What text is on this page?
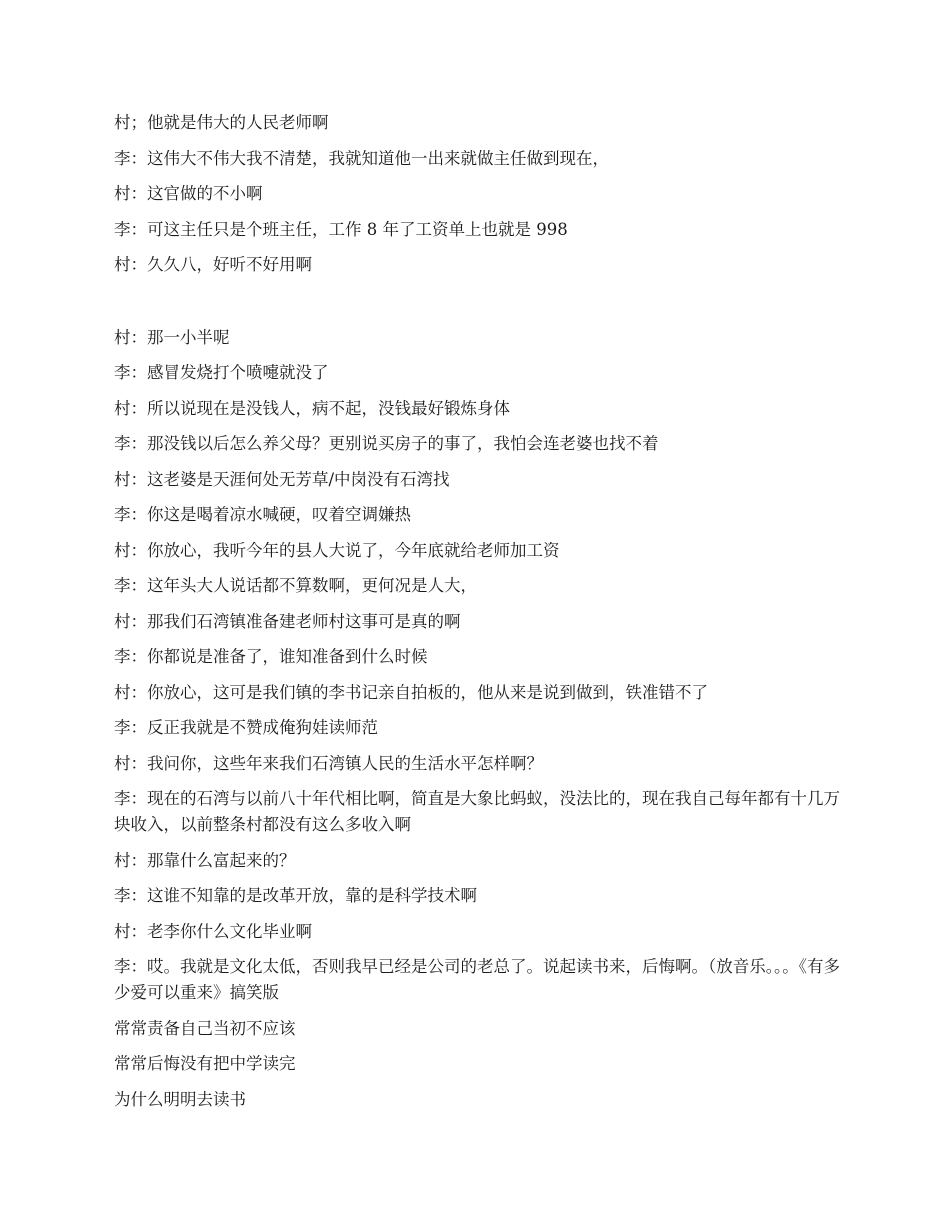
村；他就是伟大的人民老师啊

李：这伟大不伟大我不清楚，我就知道他一出来就做主任做到现在，

村：这官做的不小啊

李：可这主任只是个班主任，工作 8 年了工资单上也就是 998

村：久久八，好听不好用啊

村：那一小半呢

李：感冒发烧打个喷嚏就没了

村：所以说现在是没钱人，病不起，没钱最好锻炼身体

李：那没钱以后怎么养父母？更别说买房子的事了，我怕会连老婆也找不着

村：这老婆是天涯何处无芳草/中岗没有石湾找

李：你这是喝着凉水喊硬，叹着空调嫌热

村：你放心，我听今年的县人大说了，今年底就给老师加工资

李：这年头大人说话都不算数啊，更何况是人大，

村：那我们石湾镇准备建老师村这事可是真的啊

李：你都说是准备了，谁知准备到什么时候

村：你放心，这可是我们镇的李书记亲自拍板的，他从来是说到做到，铁准错不了

李：反正我就是不赞成俺狗娃读师范

村：我问你，这些年来我们石湾镇人民的生活水平怎样啊？

李：现在的石湾与以前八十年代相比啊，简直是大象比蚂蚁，没法比的，现在我自己每年都有十几万块收入，以前整条村都没有这么多收入啊

村：那靠什么富起来的？

李：这谁不知靠的是改革开放，靠的是科学技术啊

村：老李你什么文化毕业啊

李：哎。我就是文化太低，否则我早已经是公司的老总了。说起读书来，后悔啊。（放音乐。。。《有多少爱可以重来》搞笑版

常常责备自己当初不应该

常常后悔没有把中学读完

为什么明明去读书
